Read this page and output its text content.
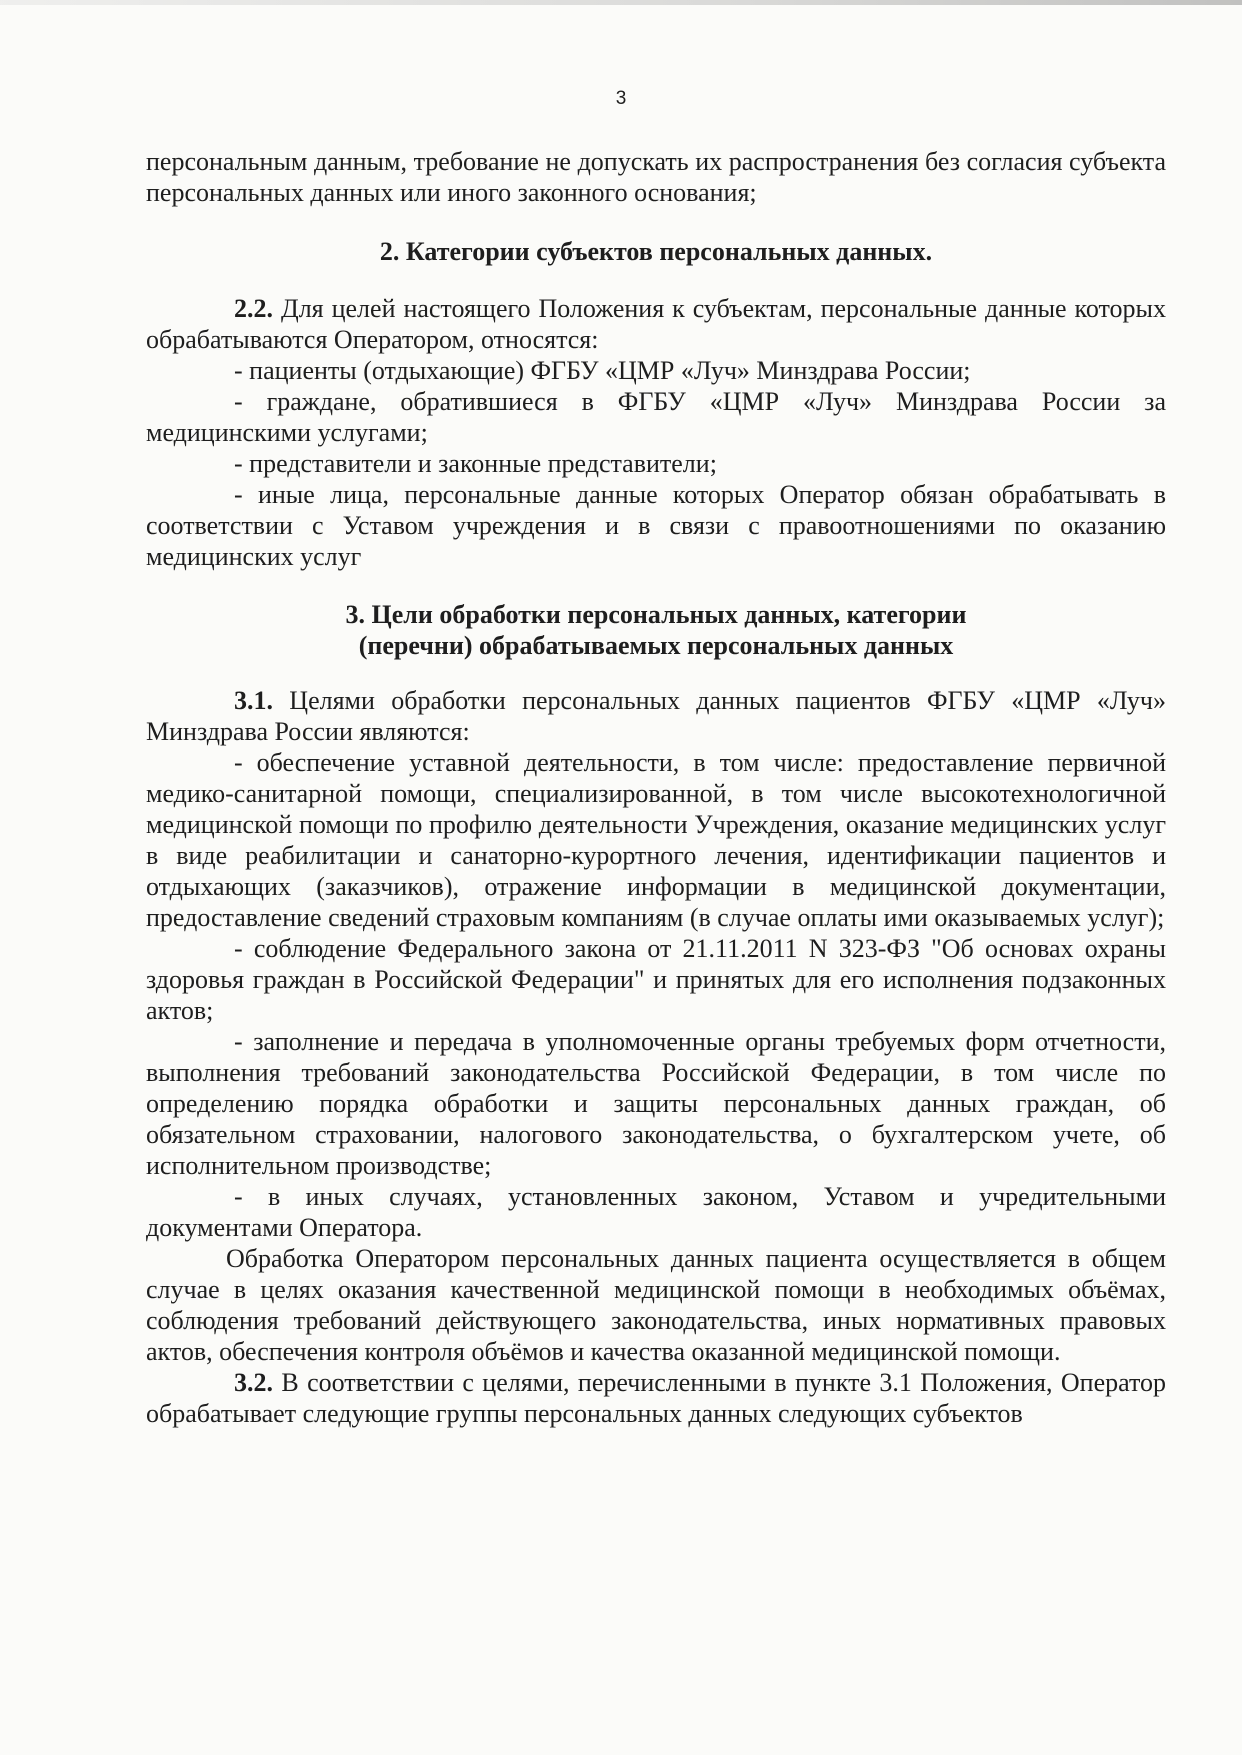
3

персональным данным, требование не допускать их распространения без согласия субъекта персональных данных или иного законного основания;

2. Категории субъектов персональных данных.

2.2. Для целей настоящего Положения к субъектам, персональные данные которых обрабатываются Оператором, относятся:

- пациенты (отдыхающие) ФГБУ «ЦМР «Луч» Минздрава России;

- граждане, обратившиеся в ФГБУ «ЦМР «Луч» Минздрава России за медицинскими услугами;

- представители и законные представители;

- иные лица, персональные данные которых Оператор обязан обрабатывать в соответствии с Уставом учреждения и в связи с правоотношениями по оказанию медицинских услуг

3. Цели обработки персональных данных, категории

(перечни) обрабатываемых персональных данных

3.1. Целями обработки персональных данных пациентов ФГБУ «ЦМР «Луч» Минздрава России являются:

- обеспечение уставной деятельности, в том числе: предоставление первичной медико-санитарной помощи, специализированной, в том числе высокотехнологичной медицинской помощи по профилю деятельности Учреждения, оказание медицинских услуг в виде реабилитации и санаторно-курортного лечения, идентификации пациентов и отдыхающих (заказчиков), отражение информации в медицинской документации, предоставление сведений страховым компаниям (в случае оплаты ими оказываемых услуг);

- соблюдение Федерального закона от 21.11.2011 N 323-ФЗ "Об основах охраны здоровья граждан в Российской Федерации" и принятых для его исполнения подзаконных актов;

- заполнение и передача в уполномоченные органы требуемых форм отчетности, выполнения требований законодательства Российской Федерации, в том числе по определению порядка обработки и защиты персональных данных граждан, об обязательном страховании, налогового законодательства, о бухгалтерском учете, об исполнительном производстве;

- в иных случаях, установленных законом, Уставом и учредительными документами Оператора.

Обработка Оператором персональных данных пациента осуществляется в общем случае в целях оказания качественной медицинской помощи в необходимых объёмах, соблюдения требований действующего законодательства, иных нормативных правовых актов, обеспечения контроля объёмов и качества оказанной медицинской помощи.

3.2. В соответствии с целями, перечисленными в пункте 3.1 Положения, Оператор обрабатывает следующие группы персональных данных следующих субъектов
